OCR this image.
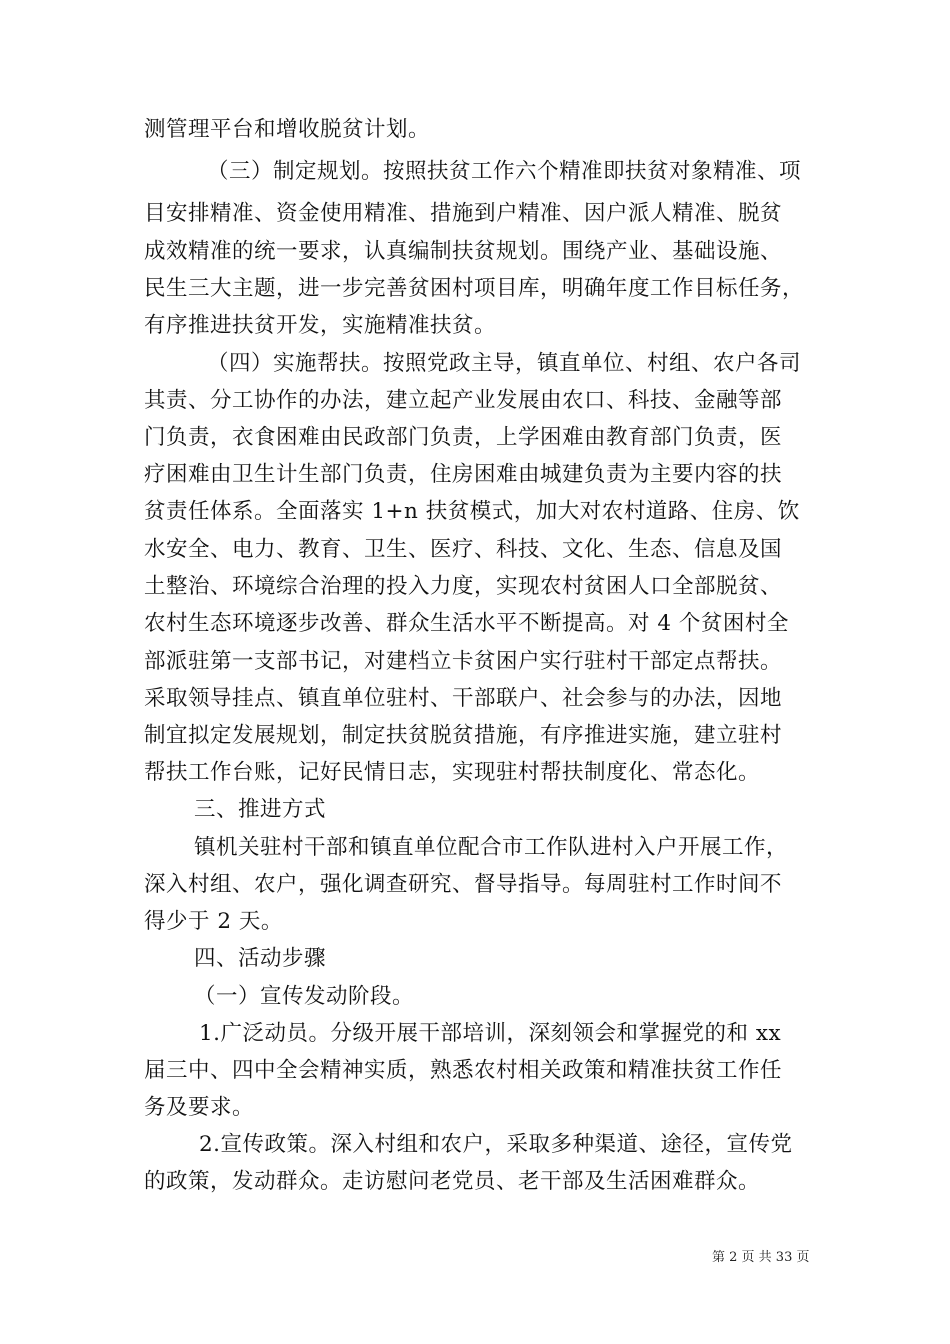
测管理平台和增收脱贫计划。
（三）制定规划。按照扶贫工作六个精准即扶贫对象精准、项
目安排精准、资金使用精准、措施到户精准、因户派人精准、脱贫
成效精准的统一要求，认真编制扶贫规划。围绕产业、基础设施、
民生三大主题，进一步完善贫困村项目库，明确年度工作目标任务，
有序推进扶贫开发，实施精准扶贫。
（四）实施帮扶。按照党政主导，镇直单位、村组、农户各司
其责、分工协作的办法，建立起产业发展由农口、科技、金融等部
门负责，衣食困难由民政部门负责，上学困难由教育部门负责，医
疗困难由卫生计生部门负责，住房困难由城建负责为主要内容的扶
贫责任体系。全面落实 1+n 扶贫模式，加大对农村道路、住房、饮
水安全、电力、教育、卫生、医疗、科技、文化、生态、信息及国
土整治、环境综合治理的投入力度，实现农村贫困人口全部脱贫、
农村生态环境逐步改善、群众生活水平不断提高。对 4 个贫困村全
部派驻第一支部书记，对建档立卡贫困户实行驻村干部定点帮扶。
采取领导挂点、镇直单位驻村、干部联户、社会参与的办法，因地
制宜拟定发展规划，制定扶贫脱贫措施，有序推进实施，建立驻村
帮扶工作台账，记好民情日志，实现驻村帮扶制度化、常态化。
三、推进方式
镇机关驻村干部和镇直单位配合市工作队进村入户开展工作，
深入村组、农户，强化调查研究、督导指导。每周驻村工作时间不
得少于 2 天。
四、活动步骤
（一）宣传发动阶段。
1.广泛动员。分级开展干部培训，深刻领会和掌握党的和 xx
届三中、四中全会精神实质，熟悉农村相关政策和精准扶贫工作任
务及要求。
2.宣传政策。深入村组和农户，采取多种渠道、途径，宣传党
的政策，发动群众。走访慰问老党员、老干部及生活困难群众。
第 2 页 共 33 页
